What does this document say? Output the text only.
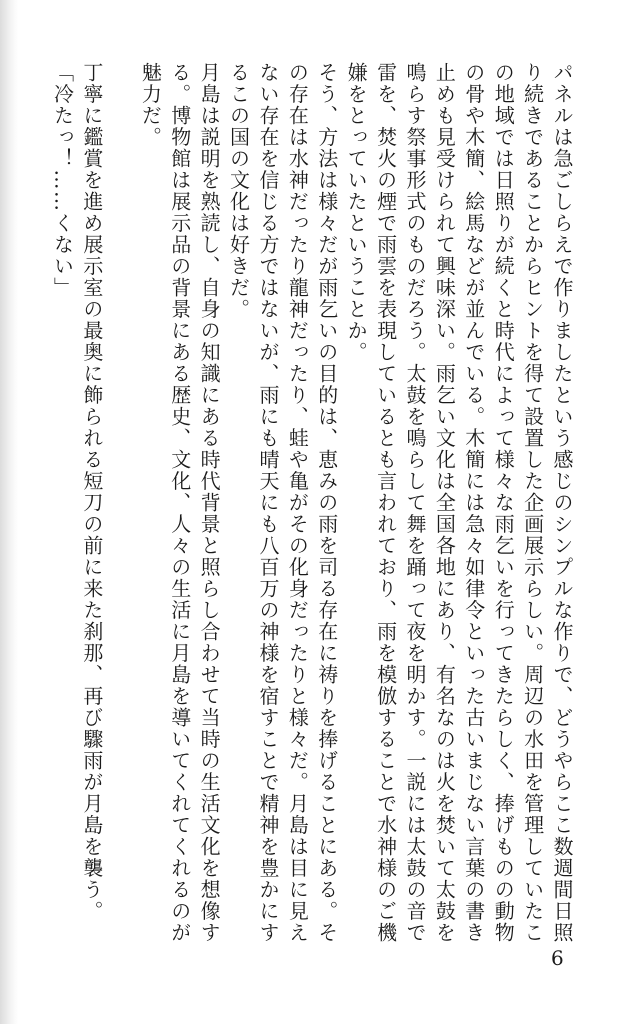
パネルは急ごしらえで作りましたという感じのシンプルな作りで、どうやらここ数週間日照り続きであることからヒントを得て設置した企画展示らしい。周辺の水田を管理していたこの地域では日照りが続くと時代によって様々な雨乞いを行ってきたらしく、捧げものの動物の骨や木簡、絵馬などが並んでいる。木簡には急々如律令といった古いまじない言葉の書き止めも見受けられて興味深い。雨乞い文化は全国各地にあり、有名なのは火を焚いて太鼓を鳴らす祭事形式のものだろう。太鼓を鳴らして舞を踊って夜を明かす。一説には太鼓の音で雷を、焚火の煙で雨雲を表現しているとも言われており、雨を模倣することで水神様のご機嫌をとっていたということか。

そう、方法は様々だが雨乞いの目的は、恵みの雨を司る存在に祷りを捧げることにある。その存在は水神だったり龍神だったり、蛙や亀がその化身だったりと様々だ。月島は目に見えない存在を信じる方ではないが、雨にも晴天にも八百万の神様を宿すことで精神を豊かにするこの国の文化は好きだ。

月島は説明を熟読し、自身の知識にある時代背景と照らし合わせて当時の生活文化を想像する。博物館は展示品の背景にある歴史、文化、人々の生活に月島を導いてくれてくれるのが魅力だ。

丁寧に鑑賞を進め展示室の最奥に飾られる短刀の前に来た刹那、再び驟雨が月島を襲う。

「冷たっ！……くない」

6
